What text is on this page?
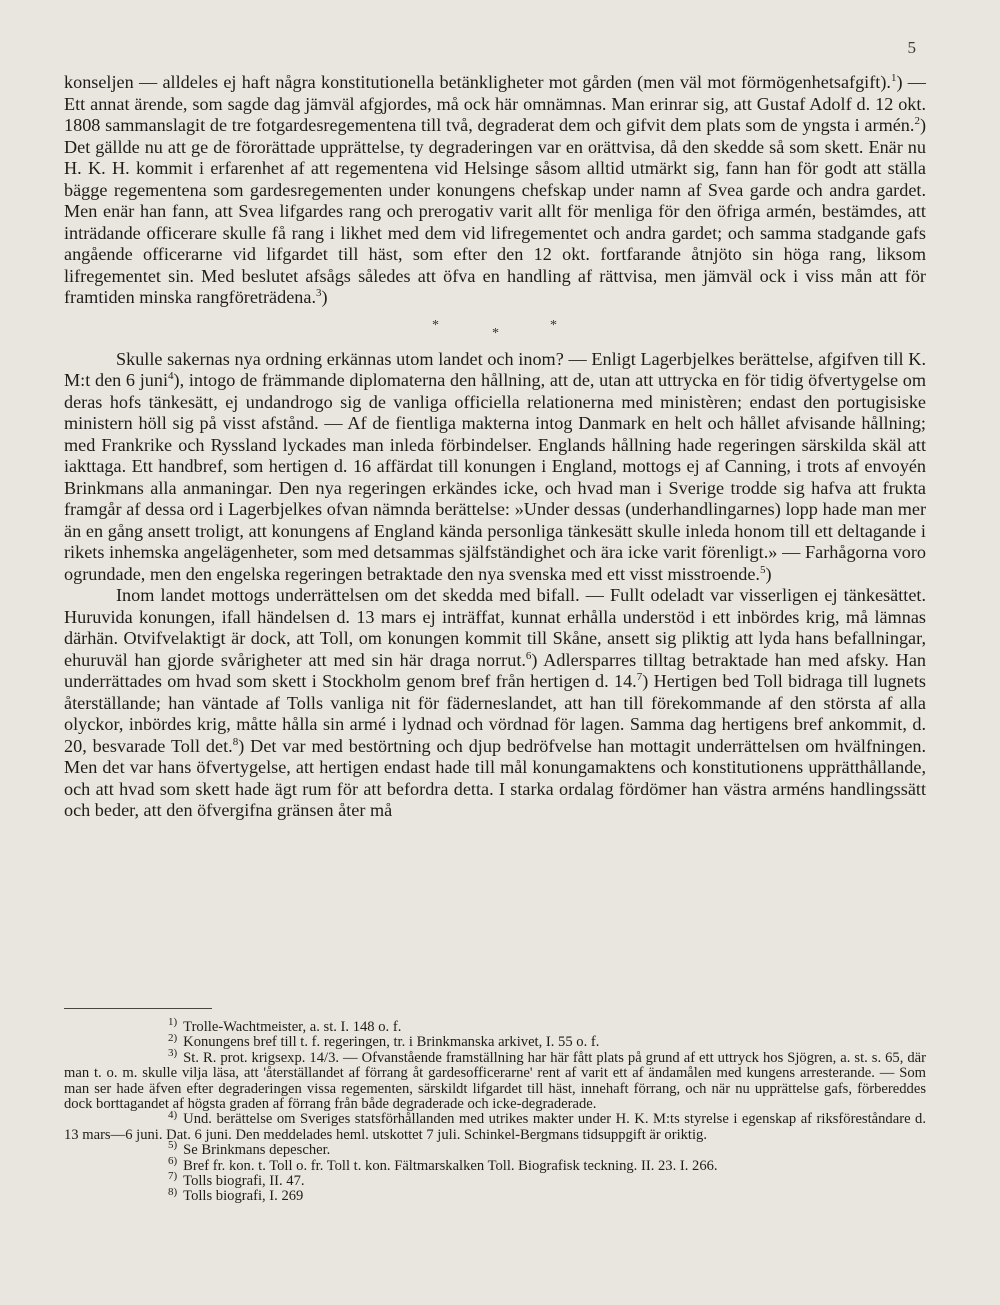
5

konseljen — alldeles ej haft några konstitutionella betänkligheter mot gården (men väl mot förmögenhetsafgift).$^1$) — Ett annat ärende, som sagde dag jämväl afgjordes, må ock här omnämnas. Man erinrar sig, att Gustaf Adolf d. 12 okt. 1808 sammanslagit de tre fotgardesregementena till två, degraderat dem och gifvit dem plats som de yngsta i armén.$^2$) Det gällde nu att ge de förorättade upprättelse, ty degraderingen var en orättvisa, då den skedde så som skett. Enär nu H. K. H. kommit i erfarenhet af att regementena vid Helsinge såsom alltid utmärkt sig, fann han för godt att ställa bägge regementena som gardesregementen under konungens chefskap under namn af Svea garde och andra gardet. Men enär han fann, att Svea lifgardes rang och prerogativ varit allt för menliga för den öfriga armén, bestämdes, att inträdande officerare skulle få rang i likhet med dem vid lifregementet och andra gardet; och samma stadgande gafs angående officerarne vid lifgardet till häst, som efter den 12 okt. fortfarande åtnjöto sin höga rang, liksom lifregementet sin. Med beslutet afsågs således att öfva en handling af rättvisa, men jämväl ock i viss mån att för framtiden minska rangföreträdena.$^3$)

*
*
*

Skulle sakernas nya ordning erkännas utom landet och inom? — Enligt Lagerbjelkes berättelse, afgifven till K. M:t den 6 juni$^4$), intogo de främmande diplomaterna den hållning, att de, utan att uttrycka en för tidig öfvertygelse om deras hofs tänkesätt, ej undandrogo sig de vanliga officiella relationerna med ministèren; endast den portugisiske ministern höll sig på visst afstånd. — Af de fientliga makterna intog Danmark en helt och hållet afvisande hållning; med Frankrike och Ryssland lyckades man inleda förbindelser. Englands hållning hade regeringen särskilda skäl att iakttaga. Ett handbref, som hertigen d. 16 affärdat till konungen i England, mottogs ej af Canning, i trots af envoyén Brinkmans alla anmaningar. Den nya regeringen erkändes icke, och hvad man i Sverige trodde sig hafva att frukta framgår af dessa ord i Lagerbjelkes ofvan nämnda berättelse: »Under dessas (underhandlingarnes) lopp hade man mer än en gång ansett troligt, att konungens af England kända personliga tänkesätt skulle inleda honom till ett deltagande i rikets inhemska angelägenheter, som med detsammas själfständighet och ära icke varit förenligt.» — Farhågorna voro ogrundade, men den engelska regeringen betraktade den nya svenska med ett visst misstroende.$^5$)

Inom landet mottogs underrättelsen om det skedda med bifall. — Fullt odeladt var visserligen ej tänkesättet. Huruvida konungen, ifall händelsen d. 13 mars ej inträffat, kunnat erhålla understöd i ett inbördes krig, må lämnas därhän. Otvifvelaktigt är dock, att Toll, om konungen kommit till Skåne, ansett sig pliktig att lyda hans befallningar, ehuruväl han gjorde svårigheter att med sin här draga norrut.$^6$) Adlersparres tilltag betraktade han med afsky. Han underrättades om hvad som skett i Stockholm genom bref från hertigen d. 14.$^7$) Hertigen bed Toll bidraga till lugnets återställande; han väntade af Tolls vanliga nit för fäderneslandet, att han till förekommande af den största af alla olyckor, inbördes krig, måtte hålla sin armé i lydnad och vördnad för lagen. Samma dag hertigens bref ankommit, d. 20, besvarade Toll det.$^8$) Det var med bestörtning och djup bedröfvelse han mottagit underrättelsen om hvälfningen. Men det var hans öfvertygelse, att hertigen endast hade till mål konungamaktens och konstitutionens upprätthållande, och att hvad som skett hade ägt rum för att befordra detta. I starka ordalag fördömer han västra arméns handlingssätt och beder, att den öfvergifna gränsen åter må

1) Trolle-Wachtmeister, a. st. I. 148 o. f.

2) Konungens bref till t. f. regeringen, tr. i Brinkmanska arkivet, I. 55 o. f.

3) St. R. prot. krigsexp. 14/3. — Ofvanstående framställning har här fått plats på grund af ett uttryck hos Sjögren, a. st. s. 65, där man t. o. m. skulle vilja läsa, att 'återställandet af förrang åt gardesofficerarne' rent af varit ett af ändamålen med kungens arresterande. — Som man ser hade äfven efter degraderingen vissa regementen, särskildt lifgardet till häst, innehaft förrang, och när nu upprättelse gafs, förbereddes dock borttagandet af högsta graden af förrang från både degraderade och icke-degraderade.

4) Und. berättelse om Sveriges statsförhållanden med utrikes makter under H. K. M:ts styrelse i egenskap af riksföreståndare d. 13 mars—6 juni. Dat. 6 juni. Den meddelades heml. utskottet 7 juli. Schinkel-Bergmans tidsuppgift är oriktig.

5) Se Brinkmans depescher.

6) Bref fr. kon. t. Toll o. fr. Toll t. kon. Fältmarskalken Toll. Biografisk teckning. II. 23. I. 266.

7) Tolls biografi, II. 47.

8) Tolls biografi, I. 269
